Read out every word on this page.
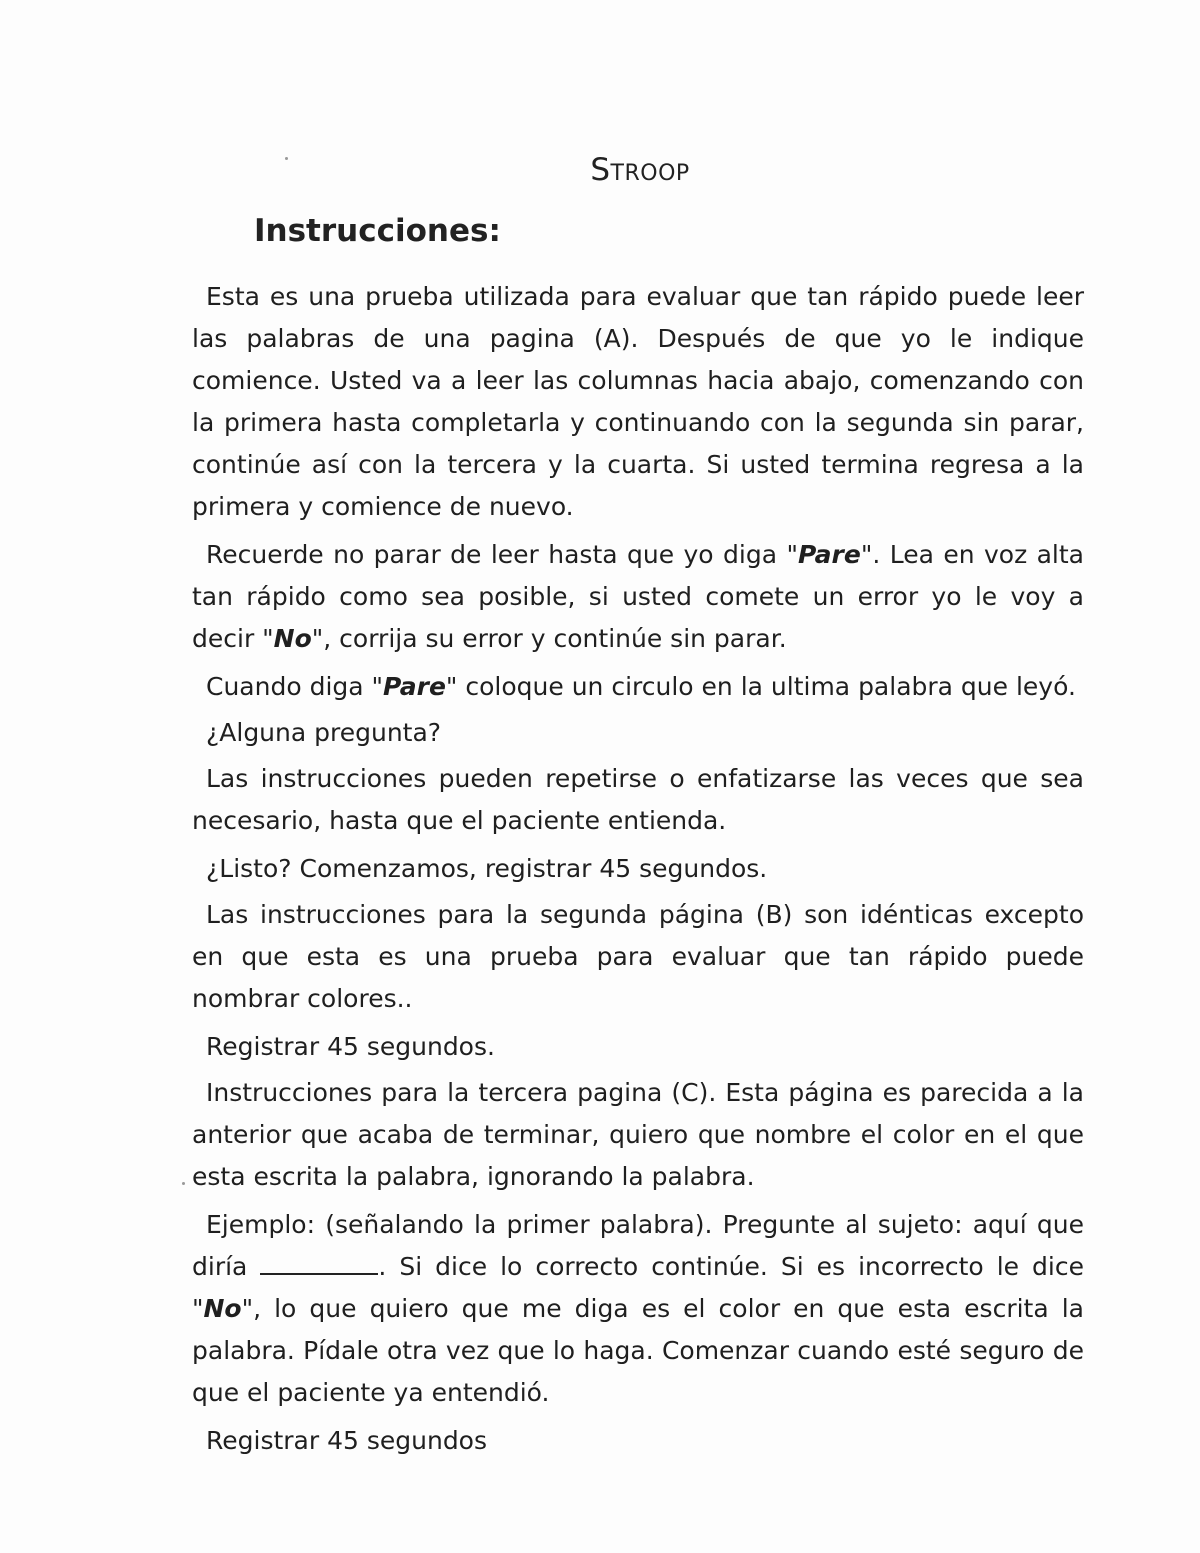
Stroop
Instrucciones:

Esta es una prueba utilizada para evaluar que tan rápido puede leer las palabras de una pagina (A). Después de que yo le indique comience. Usted va a leer las columnas hacia abajo, comenzando con la primera hasta completarla y continuando con la segunda sin parar, continúe así con la tercera y la cuarta. Si usted termina regresa a la primera y comience de nuevo.

Recuerde no parar de leer hasta que yo diga "Pare". Lea en voz alta tan rápido como sea posible, si usted comete un error yo le voy a decir "No", corrija su error y continúe sin parar.

Cuando diga "Pare" coloque un circulo en la ultima palabra que leyó.

¿Alguna pregunta?

Las instrucciones pueden repetirse o enfatizarse las veces que sea necesario, hasta que el paciente entienda.

¿Listo? Comenzamos, registrar 45 segundos.

Las instrucciones para la segunda página (B) son idénticas excepto en que esta es una prueba para evaluar que tan rápido puede nombrar colores..

Registrar 45 segundos.

Instrucciones para la tercera pagina (C). Esta página es parecida a la anterior que acaba de terminar, quiero que nombre el color en el que esta escrita la palabra, ignorando la palabra.

Ejemplo: (señalando la primer palabra). Pregunte al sujeto: aquí que diría	. Si dice lo correcto continúe. Si es incorrecto le dice "No", lo que quiero que me diga es el color en que esta escrita la palabra. Pídale otra vez que lo haga. Comenzar cuando esté seguro de que el paciente ya entendió.

Registrar 45 segundos
